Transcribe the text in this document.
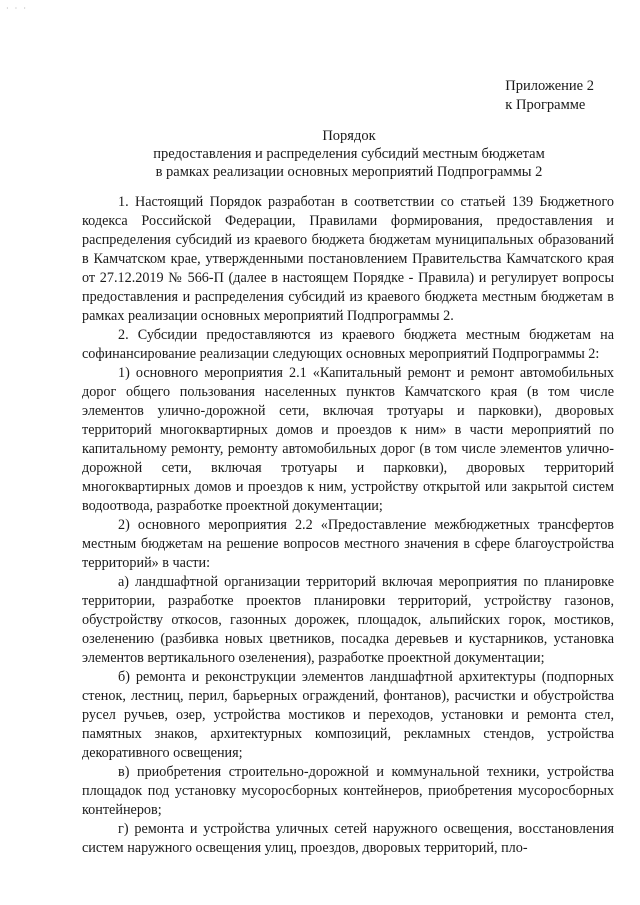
· · ·
Приложение 2
к Программе
Порядок
предоставления и распределения субсидий местным бюджетам
в рамках реализации основных мероприятий Подпрограммы 2

1. Настоящий Порядок разработан в соответствии со статьей 139 Бюджетного кодекса Российской Федерации, Правилами формирования, предоставления и распределения субсидий из краевого бюджета бюджетам муниципальных образований в Камчатском крае, утвержденными постановлением Правительства Камчатского края от 27.12.2019 № 566-П (далее в настоящем Порядке - Правила) и регулирует вопросы предоставления и распределения субсидий из краевого бюджета местным бюджетам в рамках реализации основных мероприятий Подпрограммы 2.

2. Субсидии предоставляются из краевого бюджета местным бюджетам на софинансирование реализации следующих основных мероприятий Подпрограммы 2:

1) основного мероприятия 2.1 «Капитальный ремонт и ремонт автомобильных дорог общего пользования населенных пунктов Камчатского края (в том числе элементов улично-дорожной сети, включая тротуары и парковки), дворовых территорий многоквартирных домов и проездов к ним» в части мероприятий по капитальному ремонту, ремонту автомобильных дорог (в том числе элементов улично-дорожной сети, включая тротуары и парковки), дворовых территорий многоквартирных домов и проездов к ним, устройству открытой или закрытой систем водоотвода, разработке проектной документации;

2) основного мероприятия 2.2 «Предоставление межбюджетных трансфертов местным бюджетам на решение вопросов местного значения в сфере благоустройства территорий» в части:

а) ландшафтной организации территорий включая мероприятия по планировке территории, разработке проектов планировки территорий, устройству газонов, обустройству откосов, газонных дорожек, площадок, альпийских горок, мостиков, озеленению (разбивка новых цветников, посадка деревьев и кустарников, установка элементов вертикального озеленения), разработке проектной документации;

б) ремонта и реконструкции элементов ландшафтной архитектуры (подпорных стенок, лестниц, перил, барьерных ограждений, фонтанов), расчистки и обустройства русел ручьев, озер, устройства мостиков и переходов, установки и ремонта стел, памятных знаков, архитектурных композиций, рекламных стендов, устройства декоративного освещения;

в) приобретения строительно-дорожной и коммунальной техники, устройства площадок под установку мусоросборных контейнеров, приобретения мусоросборных контейнеров;

г) ремонта и устройства уличных сетей наружного освещения, восстановления систем наружного освещения улиц, проездов, дворовых территорий, пло-
